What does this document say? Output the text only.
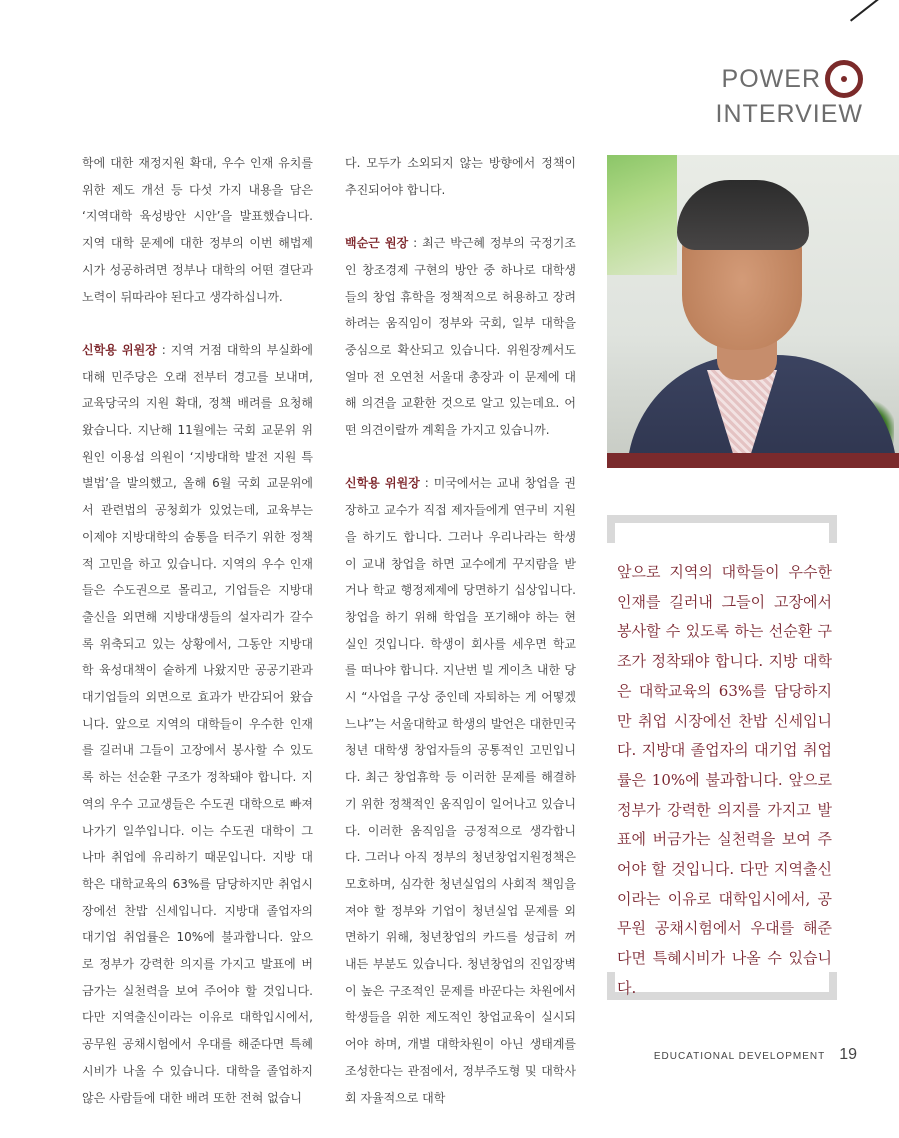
POWER
INTERVIEW

학에 대한 재정지원 확대, 우수 인재 유치를 위한 제도 개선 등 다섯 가지 내용을 담은 ‘지역대학 육성방안 시안’을 발표했습니다. 지역 대학 문제에 대한 정부의 이번 해법제시가 성공하려면 정부나 대학의 어떤 결단과 노력이 뒤따라야 된다고 생각하십니까.

신학용 위원장 : 지역 거점 대학의 부실화에 대해 민주당은 오래 전부터 경고를 보내며, 교육당국의 지원 확대, 정책 배려를 요청해 왔습니다. 지난해 11월에는 국회 교문위 위원인 이용섭 의원이 ‘지방대학 발전 지원 특별법’을 발의했고, 올해 6월 국회 교문위에서 관련법의 공청회가 있었는데, 교육부는 이제야 지방대학의 숨통을 터주기 위한 정책적 고민을 하고 있습니다. 지역의 우수 인재들은 수도권으로 몰리고, 기업들은 지방대 출신을 외면해 지방대생들의 설자리가 갈수록 위축되고 있는 상황에서, 그동안 지방대학 육성대책이 숱하게 나왔지만 공공기관과 대기업들의 외면으로 효과가 반감되어 왔습니다. 앞으로 지역의 대학들이 우수한 인재를 길러내 그들이 고장에서 봉사할 수 있도록 하는 선순환 구조가 정착돼야 합니다. 지역의 우수 고교생들은 수도권 대학으로 빠져나가기 일쑤입니다. 이는 수도권 대학이 그나마 취업에 유리하기 때문입니다. 지방 대학은 대학교육의 63%를 담당하지만 취업시장에선 찬밥 신세입니다. 지방대 졸업자의 대기업 취업률은 10%에 불과합니다. 앞으로 정부가 강력한 의지를 가지고 발표에 버금가는 실천력을 보여 주어야 할 것입니다. 다만 지역출신이라는 이유로 대학입시에서, 공무원 공채시험에서 우대를 해준다면 특혜시비가 나올 수 있습니다. 대학을 졸업하지 않은 사람들에 대한 배려 또한 전혀 없습니

다. 모두가 소외되지 않는 방향에서 정책이 추진되어야 합니다.

백순근 원장 : 최근 박근혜 정부의 국정기조인 창조경제 구현의 방안 중 하나로 대학생들의 창업 휴학을 정책적으로 허용하고 장려하려는 움직임이 정부와 국회, 일부 대학을 중심으로 확산되고 있습니다. 위원장께서도 얼마 전 오연천 서울대 총장과 이 문제에 대해 의견을 교환한 것으로 알고 있는데요. 어떤 의견이랄까 계획을 가지고 있습니까.

신학용 위원장 : 미국에서는 교내 창업을 권장하고 교수가 직접 제자들에게 연구비 지원을 하기도 합니다. 그러나 우리나라는 학생이 교내 창업을 하면 교수에게 꾸지람을 받거나 학교 행정제제에 당면하기 십상입니다. 창업을 하기 위해 학업을 포기해야 하는 현실인 것입니다. 학생이 회사를 세우면 학교를 떠나야 합니다. 지난번 빌 게이츠 내한 당시 “사업을 구상 중인데 자퇴하는 게 어떻겠느냐”는 서울대학교 학생의 발언은 대한민국 청년 대학생 창업자들의 공통적인 고민입니다. 최근 창업휴학 등 이러한 문제를 해결하기 위한 정책적인 움직임이 일어나고 있습니다. 이러한 움직임을 긍정적으로 생각합니다. 그러나 아직 정부의 청년창업지원정책은 모호하며, 심각한 청년실업의 사회적 책임을 져야 할 정부와 기업이 청년실업 문제를 외면하기 위해, 청년창업의 카드를 성급히 꺼내든 부분도 있습니다. 청년창업의 진입장벽이 높은 구조적인 문제를 바꾼다는 차원에서 학생들을 위한 제도적인 창업교육이 실시되어야 하며, 개별 대학차원이 아닌 생태계를 조성한다는 관점에서, 정부주도형 및 대학사회 자율적으로 대학

앞으로 지역의 대학들이 우수한 인재를 길러내 그들이 고장에서 봉사할 수 있도록 하는 선순환 구조가 정착돼야 합니다. 지방 대학은 대학교육의 63%를 담당하지만 취업 시장에선 찬밥 신세입니다. 지방대 졸업자의 대기업 취업률은 10%에 불과합니다. 앞으로 정부가 강력한 의지를 가지고 발표에 버금가는 실천력을 보여 주어야 할 것입니다. 다만 지역출신이라는 이유로 대학입시에서, 공무원 공채시험에서 우대를 해준다면 특혜시비가 나올 수 있습니다.
EDUCATIONAL DEVELOPMENT 19
